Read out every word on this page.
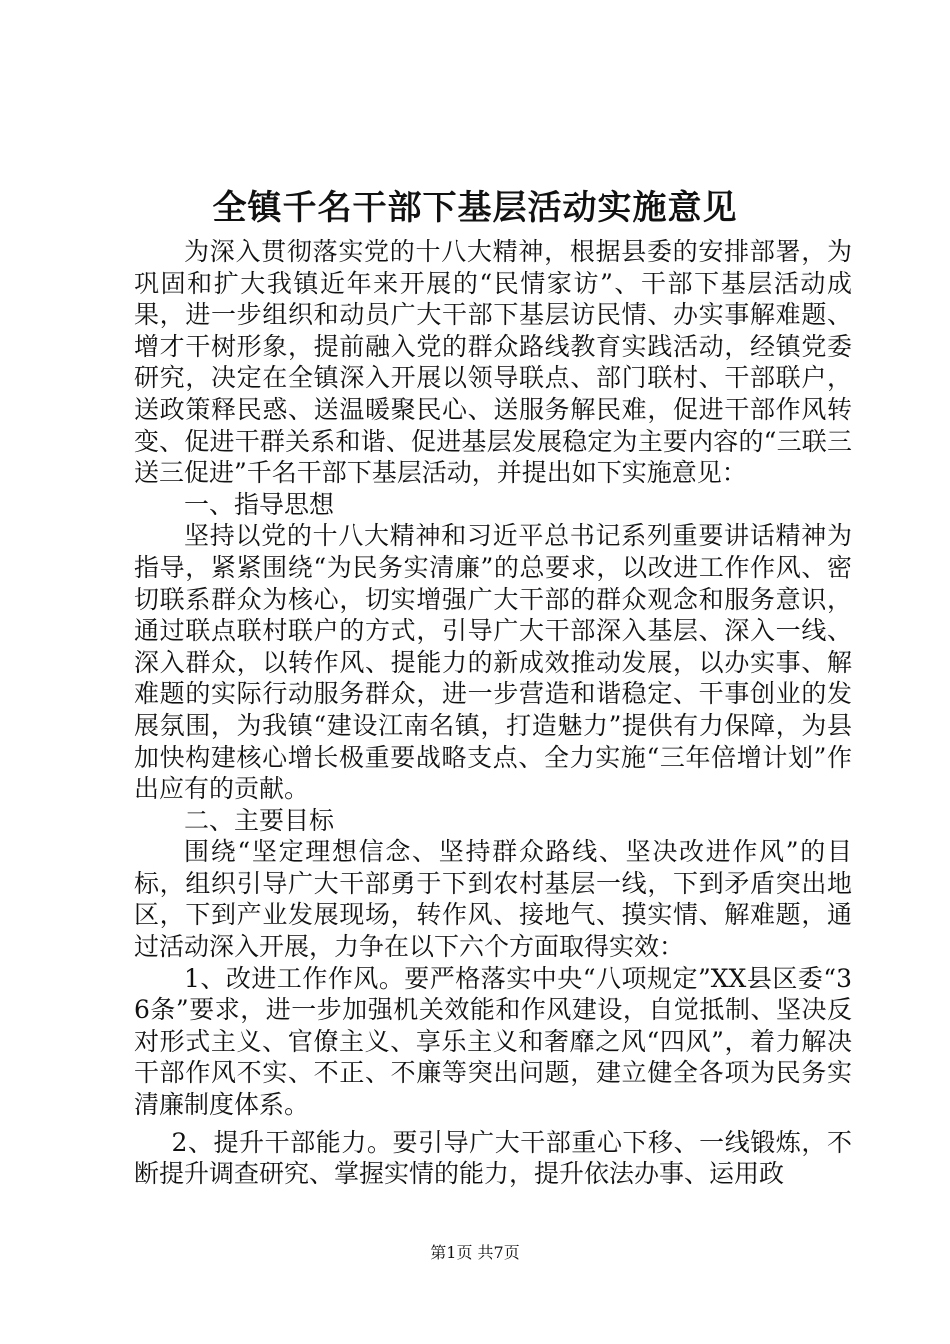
全镇千名干部下基层活动实施意见

为深入贯彻落实党的十八大精神，根据县委的安排部署，为巩固和扩大我镇近年来开展的“民情家访”、干部下基层活动成果，进一步组织和动员广大干部下基层访民情、办实事解难题、增才干树形象，提前融入党的群众路线教育实践活动，经镇党委研究，决定在全镇深入开展以领导联点、部门联村、干部联户，送政策释民惑、送温暖聚民心、送服务解民难，促进干部作风转变、促进干群关系和谐、促进基层发展稳定为主要内容的“三联三送三促进”千名干部下基层活动，并提出如下实施意见：

一、指导思想

坚持以党的十八大精神和习近平总书记系列重要讲话精神为指导，紧紧围绕“为民务实清廉”的总要求，以改进工作作风、密切联系群众为核心，切实增强广大干部的群众观念和服务意识，通过联点联村联户的方式，引导广大干部深入基层、深入一线、深入群众，以转作风、提能力的新成效推动发展，以办实事、解难题的实际行动服务群众，进一步营造和谐稳定、干事创业的发展氛围，为我镇“建设江南名镇，打造魅力”提供有力保障，为县加快构建核心增长极重要战略支点、全力实施“三年倍增计划”作出应有的贡献。

二、主要目标

围绕“坚定理想信念、坚持群众路线、坚决改进作风”的目标，组织引导广大干部勇于下到农村基层一线，下到矛盾突出地区，下到产业发展现场，转作风、接地气、摸实情、解难题，通过活动深入开展，力争在以下六个方面取得实效：

1、改进工作作风。要严格落实中央“八项规定”XX县区委“36条”要求，进一步加强机关效能和作风建设，自觉抵制、坚决反对形式主义、官僚主义、享乐主义和奢靡之风“四风”，着力解决干部作风不实、不正、不廉等突出问题，建立健全各项为民务实清廉制度体系。

2、提升干部能力。要引导广大干部重心下移、一线锻炼，不断提升调查研究、掌握实情的能力，提升依法办事、运用政

第1页 共7页
